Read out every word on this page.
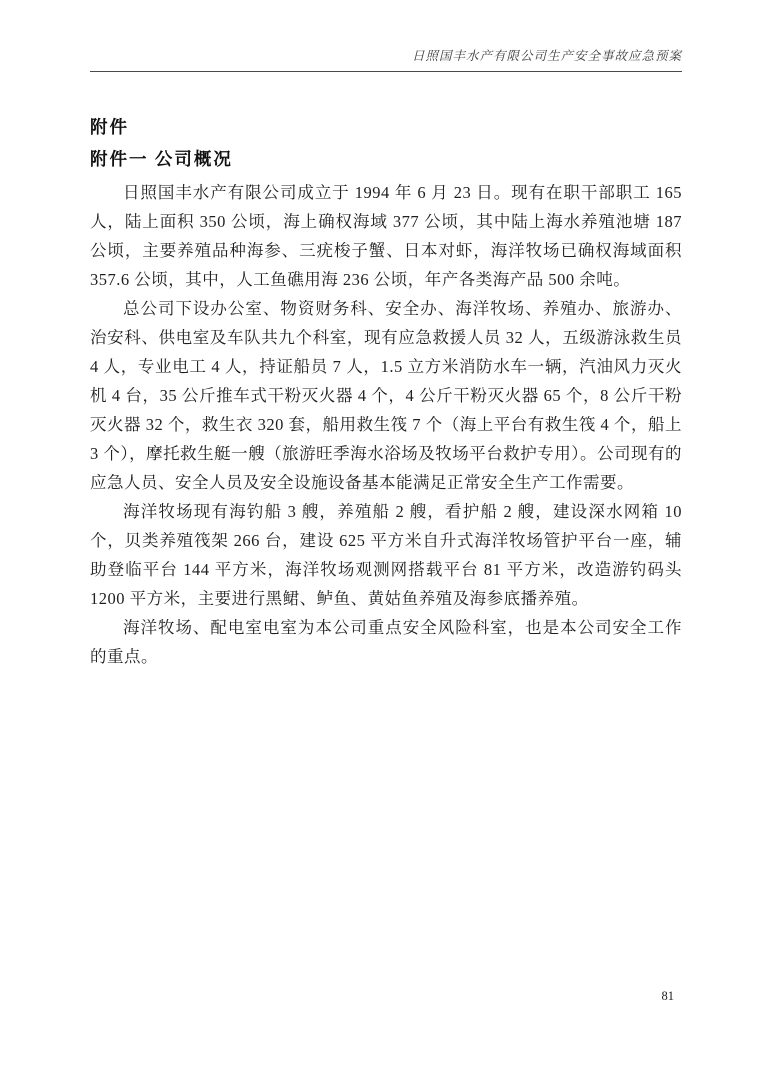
日照国丰水产有限公司生产安全事故应急预案
附件
附件一 公司概况

日照国丰水产有限公司成立于 1994 年 6 月 23 日。现有在职干部职工 165 人，陆上面积 350 公顷，海上确权海域 377 公顷，其中陆上海水养殖池塘 187 公顷，主要养殖品种海参、三疣梭子蟹、日本对虾，海洋牧场已确权海域面积 357.6 公顷，其中，人工鱼礁用海 236 公顷，年产各类海产品 500 余吨。

总公司下设办公室、物资财务科、安全办、海洋牧场、养殖办、旅游办、治安科、供电室及车队共九个科室，现有应急救援人员 32 人，五级游泳救生员 4 人，专业电工 4 人，持证船员 7 人，1.5 立方米消防水车一辆，汽油风力灭火机 4 台，35 公斤推车式干粉灭火器 4 个，4 公斤干粉灭火器 65 个，8 公斤干粉灭火器 32 个，救生衣 320 套，船用救生筏 7 个（海上平台有救生筏 4 个，船上 3 个），摩托救生艇一艘（旅游旺季海水浴场及牧场平台救护专用）。公司现有的应急人员、安全人员及安全设施设备基本能满足正常安全生产工作需要。

海洋牧场现有海钓船 3 艘，养殖船 2 艘，看护船 2 艘，建设深水网箱 10 个，贝类养殖筏架 266 台，建设 625 平方米自升式海洋牧场管护平台一座，辅助登临平台 144 平方米，海洋牧场观测网搭载平台 81 平方米，改造游钓码头 1200 平方米，主要进行黑鲪、鲈鱼、黄姑鱼养殖及海参底播养殖。

海洋牧场、配电室电室为本公司重点安全风险科室，也是本公司安全工作的重点。

81
